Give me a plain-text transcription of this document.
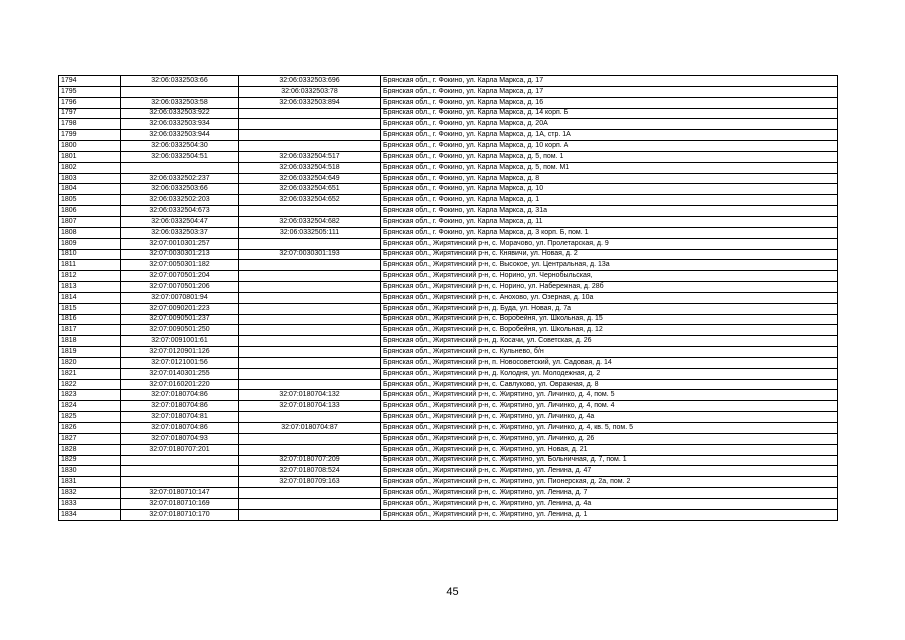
1794	32:06:0332503:66	32:06:0332503:696	Брянская обл., г. Фокино, ул. Карла Маркса, д. 17
1795		32:06:0332503:78	Брянская обл., г. Фокино, ул. Карла Маркса, д. 17
1796	32:06:0332503:58	32:06:0332503:894	Брянская обл., г. Фокино, ул. Карла Маркса, д. 16
1797	32:06:0332503:922		Брянская обл., г. Фокино, ул. Карла Маркса, д. 14 корп. Б
1798	32:06:0332503:934		Брянская обл., г. Фокино, ул. Карла Маркса, д. 20А
1799	32:06:0332503:944		Брянская обл., г. Фокино, ул. Карла Маркса, д. 1А, стр. 1А
1800	32:06:0332504:30		Брянская обл., г. Фокино, ул. Карла Маркса, д. 10 корп. А
1801	32:06:0332504:51	32:06:0332504:517	Брянская обл., г. Фокино, ул. Карла Маркса, д. 5, пом. 1
1802		32:06:0332504:518	Брянская обл., г. Фокино, ул. Карла Маркса, д. 5, пом. М1
1803	32:06:0332502:237	32:06:0332504:649	Брянская обл., г. Фокино, ул. Карла Маркса, д. 8
1804	32:06:0332503:66	32:06:0332504:651	Брянская обл., г. Фокино, ул. Карла Маркса, д. 10
1805	32:06:0332502:203	32:06:0332504:652	Брянская обл., г. Фокино, ул. Карла Маркса, д. 1
1806	32:06:0332504:673		Брянская обл., г. Фокино, ул. Карла Маркса, д. 31а
1807	32:06:0332504:47	32:06:0332504:682	Брянская обл., г. Фокино, ул. Карла Маркса, д. 11
1808	32:06:0332503:37	32:06:0332505:111	Брянская обл., г. Фокино, ул. Карла Маркса, д. 3 корп. Б, пом. 1
1809	32:07:0010301:257		Брянская обл., Жирятинский р-н, с. Морачово, ул. Пролетарская, д. 9
1810	32:07:0030301:213	32:07:0030301:193	Брянская обл., Жирятинский р-н, с. Княвичи, ул. Новая, д. 2
1811	32:07:0050301:182		Брянская обл., Жирятинский р-н, с. Высокое, ул. Центральная, д. 13а
1812	32:07:0070501:204		Брянская обл., Жирятинский р-н, с. Норино, ул. Чернобыльская,
1813	32:07:0070501:206		Брянская обл., Жирятинский р-н, с. Норино, ул. Набережная, д. 28б
1814	32:07:0070801:94		Брянская обл., Жирятинский р-н, с. Анохово, ул. Озерная, д. 10а
1815	32:07:0090201:223		Брянская обл., Жирятинский р-н, д. Буда, ул. Новая, д. 7а
1816	32:07:0090501:237		Брянская обл., Жирятинский р-н, с. Воробейня, ул. Школьная, д. 15
1817	32:07:0090501:250		Брянская обл., Жирятинский р-н, с. Воробейня, ул. Школьная, д. 12
1818	32:07:0091001:61		Брянская обл., Жирятинский р-н, д. Косачи, ул. Советская, д. 26
1819	32:07:0120901:126		Брянская обл., Жирятинский р-н, с. Кульнево, б/н
1820	32:07:0121001:56		Брянская обл., Жирятинский р-н, п. Новосоветский, ул. Садовая, д. 14
1821	32:07:0140301:255		Брянская обл., Жирятинский р-н, д. Колодня, ул. Молодежная, д. 2
1822	32:07:0160201:220		Брянская обл., Жирятинский р-н, с. Савлуково, ул. Овражная, д. 8
1823	32:07:0180704:86	32:07:0180704:132	Брянская обл., Жирятинский р-н, с. Жирятино, ул. Личинко, д. 4, пом. 5
1824	32:07:0180704:86	32:07:0180704:133	Брянская обл., Жирятинский р-н, с. Жирятино, ул. Личинко, д. 4, пом. 4
1825	32:07:0180704:81		Брянская обл., Жирятинский р-н, с. Жирятино, ул. Личинко, д. 4а
1826	32:07:0180704:86	32:07:0180704:87	Брянская обл., Жирятинский р-н, с. Жирятино, ул. Личинко, д. 4, кв. 5, пом. 5
1827	32:07:0180704:93		Брянская обл., Жирятинский р-н, с. Жирятино, ул. Личинко, д. 26
1828	32:07:0180707:201		Брянская обл., Жирятинский р-н, с. Жирятино, ул. Новая, д. 21
1829		32:07:0180707:209	Брянская обл., Жирятинский р-н, с. Жирятино, ул. Больничная, д. 7, пом. 1
1830		32:07:0180708:524	Брянская обл., Жирятинский р-н, с. Жирятино, ул. Ленина, д. 47
1831		32:07:0180709:163	Брянская обл., Жирятинский р-н, с. Жирятино, ул. Пионерская, д. 2а, пом. 2
1832	32:07:0180710:147		Брянская обл., Жирятинский р-н, с. Жирятино, ул. Ленина, д. 7
1833	32:07:0180710:169		Брянская обл., Жирятинский р-н, с. Жирятино, ул. Ленина, д. 4а
1834	32:07:0180710:170		Брянская обл., Жирятинский р-н, с. Жирятино, ул. Ленина, д. 1
45
